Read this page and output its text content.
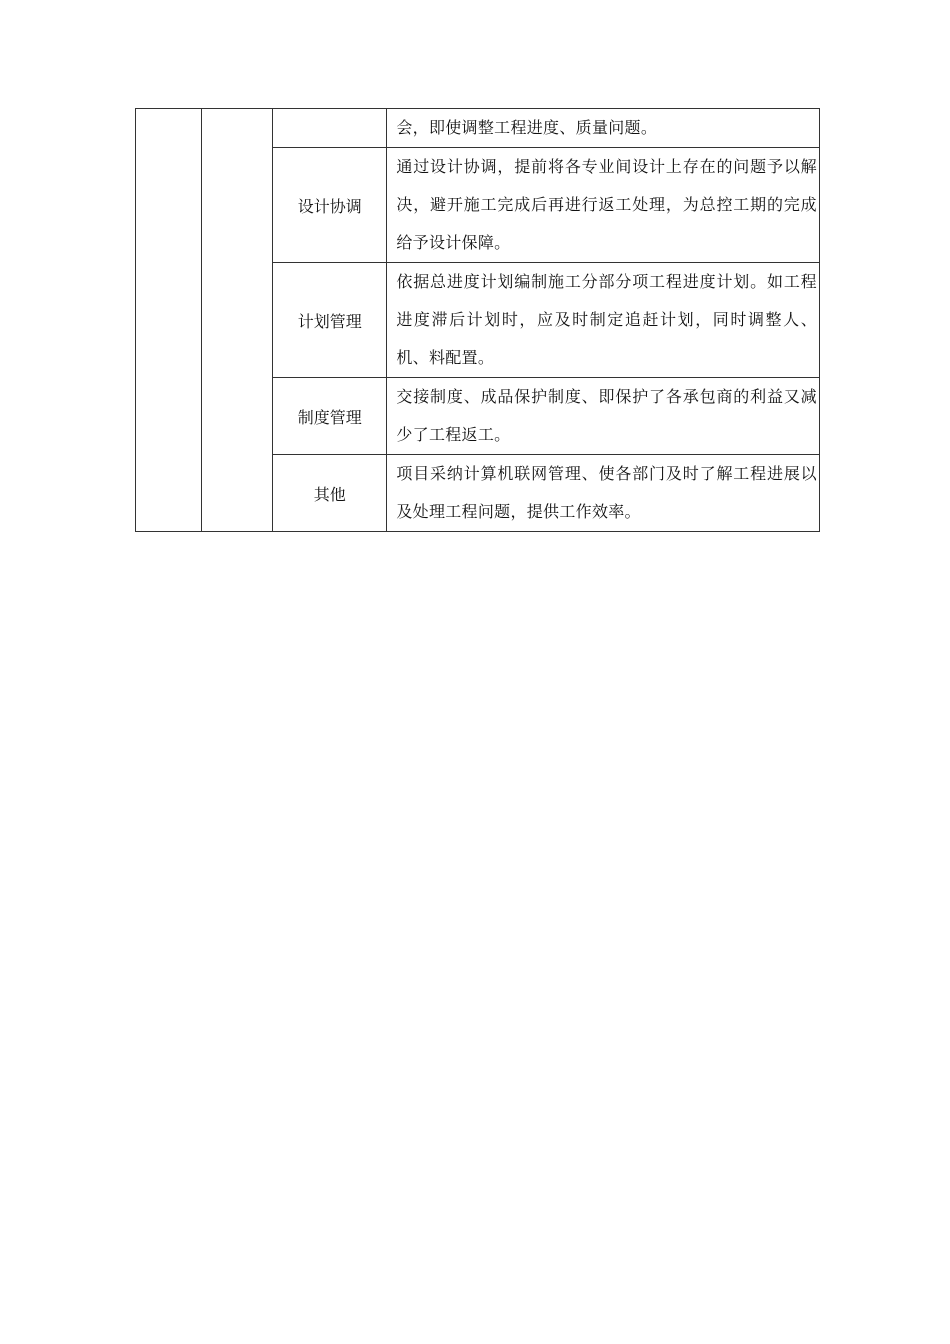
			会，即使调整工程进度、质量问题。
		设计协调	通过设计协调，提前将各专业间设计上存在的问题予以解决，避开施工完成后再进行返工处理，为总控工期的完成给予设计保障。
		计划管理	依据总进度计划编制施工分部分项工程进度计划。如工程进度滞后计划时，应及时制定追赶计划，同时调整人、机、料配置。
		制度管理	交接制度、成品保护制度、即保护了各承包商的利益又减少了工程返工。
		其他	项目采纳计算机联网管理、使各部门及时了解工程进展以及处理工程问题，提供工作效率。
